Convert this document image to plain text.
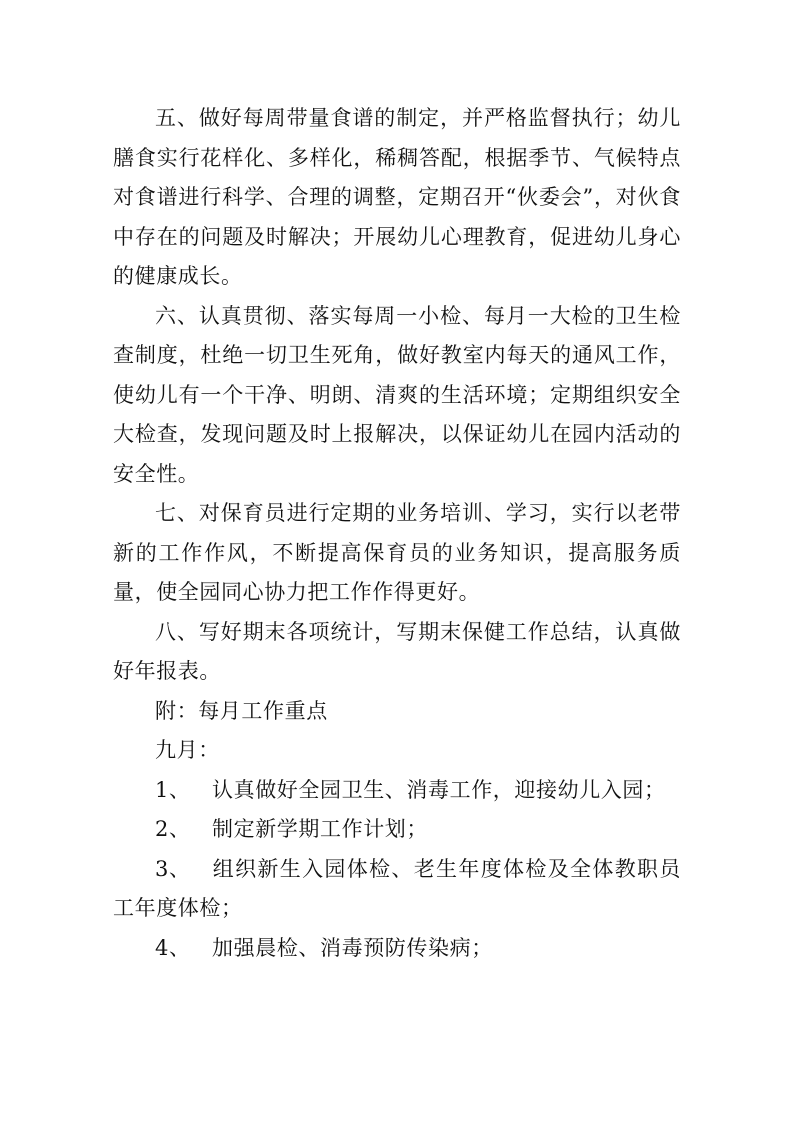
五、做好每周带量食谱的制定，并严格监督执行；幼儿膳食实行花样化、多样化，稀稠答配，根据季节、气候特点对食谱进行科学、合理的调整，定期召开“伙委会”，对伙食中存在的问题及时解决；开展幼儿心理教育，促进幼儿身心的健康成长。

六、认真贯彻、落实每周一小检、每月一大检的卫生检查制度，杜绝一切卫生死角，做好教室内每天的通风工作，使幼儿有一个干净、明朗、清爽的生活环境；定期组织安全大检查，发现问题及时上报解决，以保证幼儿在园内活动的安全性。

七、对保育员进行定期的业务培训、学习，实行以老带新的工作作风，不断提高保育员的业务知识，提高服务质量，使全园同心协力把工作作得更好。

八、写好期末各项统计，写期末保健工作总结，认真做好年报表。

附：每月工作重点

九月：

1、 认真做好全园卫生、消毒工作，迎接幼儿入园；

2、 制定新学期工作计划；

3、 组织新生入园体检、老生年度体检及全体教职员工年度体检；

4、 加强晨检、消毒预防传染病；
